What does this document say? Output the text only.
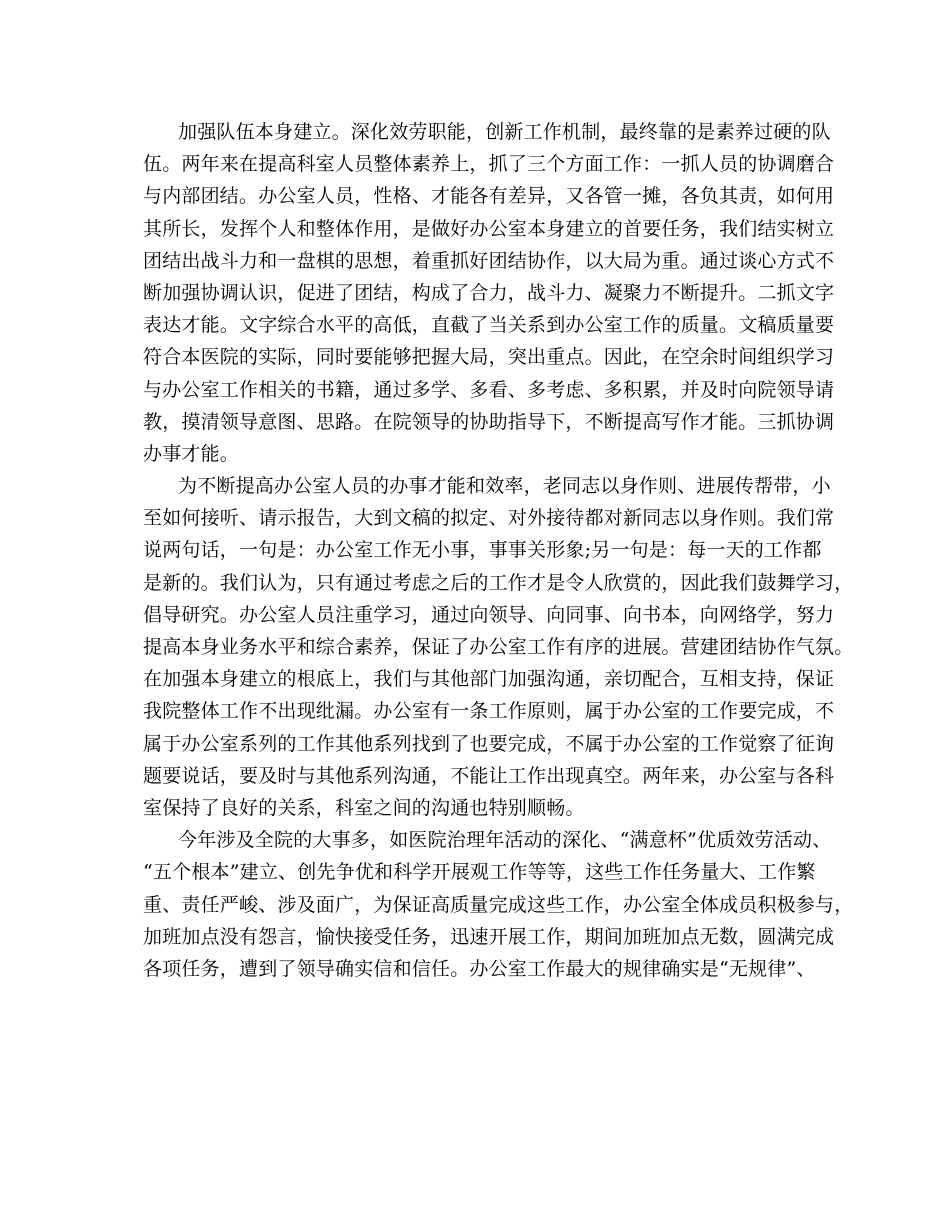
加强队伍本身建立。深化效劳职能，创新工作机制，最终靠的是素养过硬的队
伍。两年来在提高科室人员整体素养上，抓了三个方面工作：一抓人员的协调磨合
与内部团结。办公室人员，性格、才能各有差异，又各管一摊，各负其责，如何用
其所长，发挥个人和整体作用，是做好办公室本身建立的首要任务，我们结实树立
团结出战斗力和一盘棋的思想，着重抓好团结协作，以大局为重。通过谈心方式不
断加强协调认识，促进了团结，构成了合力，战斗力、凝聚力不断提升。二抓文字
表达才能。文字综合水平的高低，直截了当关系到办公室工作的质量。文稿质量要
符合本医院的实际，同时要能够把握大局，突出重点。因此，在空余时间组织学习
与办公室工作相关的书籍，通过多学、多看、多考虑、多积累，并及时向院领导请
教，摸清领导意图、思路。在院领导的协助指导下，不断提高写作才能。三抓协调
办事才能。
为不断提高办公室人员的办事才能和效率，老同志以身作则、进展传帮带，小
至如何接听、请示报告，大到文稿的拟定、对外接待都对新同志以身作则。我们常
说两句话，一句是：办公室工作无小事，事事关形象;另一句是：每一天的工作都
是新的。我们认为，只有通过考虑之后的工作才是令人欣赏的，因此我们鼓舞学习，
倡导研究。办公室人员注重学习，通过向领导、向同事、向书本，向网络学，努力
提高本身业务水平和综合素养，保证了办公室工作有序的进展。营建团结协作气氛。
在加强本身建立的根底上，我们与其他部门加强沟通，亲切配合，互相支持，保证
我院整体工作不出现纰漏。办公室有一条工作原则，属于办公室的工作要完成，不
属于办公室系列的工作其他系列找到了也要完成，不属于办公室的工作觉察了征询
题要说话，要及时与其他系列沟通，不能让工作出现真空。两年来，办公室与各科
室保持了良好的关系，科室之间的沟通也特别顺畅。
今年涉及全院的大事多，如医院治理年活动的深化、“满意杯”优质效劳活动、
“五个根本”建立、创先争优和科学开展观工作等等，这些工作任务量大、工作繁
重、责任严峻、涉及面广，为保证高质量完成这些工作，办公室全体成员积极参与，
加班加点没有怨言，愉快接受任务，迅速开展工作，期间加班加点无数，圆满完成
各项任务，遭到了领导确实信和信任。办公室工作最大的规律确实是“无规律”、
